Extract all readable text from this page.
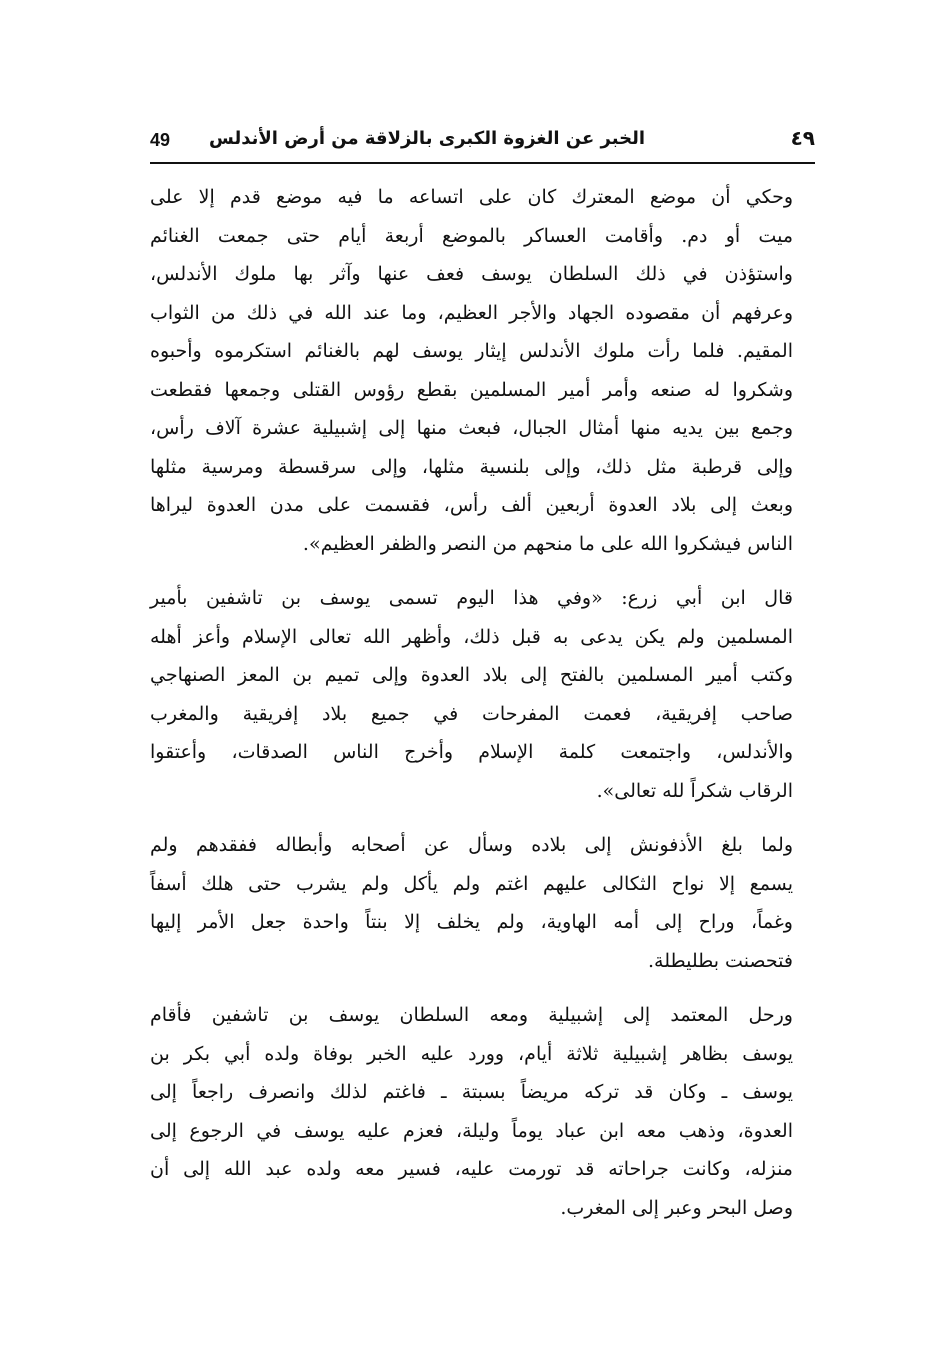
٤٩
الخبر عن الغزوة الكبرى بالزلاقة من أرض الأندلس
49

وحكي أن موضع المعترك كان على اتساعه ما فيه موضع قدم إلا على
ميت أو دم. وأقامت العساكر بالموضع أربعة أيام حتى جمعت الغنائم
واستؤذن في ذلك السلطان يوسف فعف عنها وآثر بها ملوك الأندلس،
وعرفهم أن مقصوده الجهاد والأجر العظيم، وما عند الله في ذلك من الثواب
المقيم. فلما رأت ملوك الأندلس إيثار يوسف لهم بالغنائم استكرموه وأحبوه
وشكروا له صنعه وأمر أمير المسلمين بقطع رؤوس القتلى وجمعها فقطعت
وجمع بين يديه منها أمثال الجبال، فبعث منها إلى إشبيلية عشرة آلاف رأس،
وإلى قرطبة مثل ذلك، وإلى بلنسية مثلها، وإلى سرقسطة ومرسية مثلها
وبعث إلى بلاد العدوة أربعين ألف رأس، فقسمت على مدن العدوة ليراها
الناس فيشكروا الله على ما منحهم من النصر والظفر العظيم».

قال ابن أبي زرع: «وفي هذا اليوم تسمى يوسف بن تاشفين بأمير
المسلمين ولم يكن يدعى به قبل ذلك، وأظهر الله تعالى الإسلام وأعز أهله
وكتب أمير المسلمين بالفتح إلى بلاد العدوة وإلى تميم بن المعز الصنهاجي
صاحب إفريقية، فعمت المفرحات في جميع بلاد إفريقية والمغرب
والأندلس، واجتمعت كلمة الإسلام وأخرج الناس الصدقات، وأعتقوا
الرقاب شكراً لله تعالى».

ولما بلغ الأذفونش إلى بلاده وسأل عن أصحابه وأبطاله ففقدهم ولم
يسمع إلا نواح الثكالى عليهم اغتم ولم يأكل ولم يشرب حتى هلك أسفاً
وغماً، وراح إلى أمه الهاوية، ولم يخلف إلا بنتاً واحدة جعل الأمر إليها
فتحصنت بطليطلة.

ورحل المعتمد إلى إشبيلية ومعه السلطان يوسف بن تاشفين فأقام
يوسف بظاهر إشبيلية ثلاثة أيام، وورد عليه الخبر بوفاة ولده أبي بكر بن
يوسف ـ وكان قد تركه مريضاً بسبتة ـ فاغتم لذلك وانصرف راجعاً إلى
العدوة، وذهب معه ابن عباد يوماً وليلة، فعزم عليه يوسف في الرجوع إلى
منزله، وكانت جراحاته قد تورمت عليه، فسير معه ولده عبد الله إلى أن
وصل البحر وعبر إلى المغرب.
